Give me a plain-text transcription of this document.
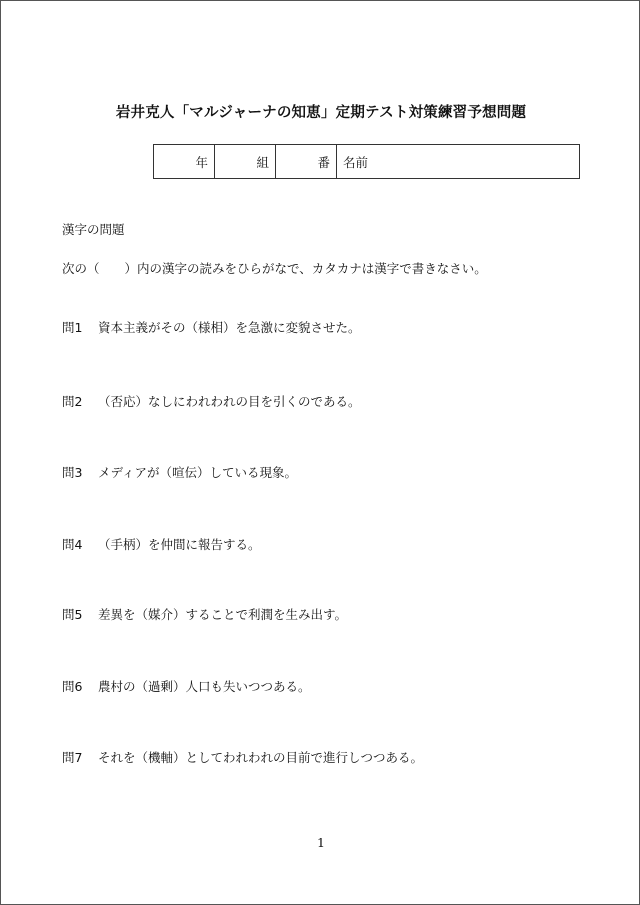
岩井克人「マルジャーナの知恵」定期テスト対策練習予想問題
年	組	番	名前
漢字の問題
次の（　　）内の漢字の読みをひらがなで、カタカナは漢字で書きなさい。
問1 資本主義がその（様相）を急激に変貌させた。
問2 （否応）なしにわれわれの目を引くのである。
問3 メディアが（喧伝）している現象。
問4 （手柄）を仲間に報告する。
問5 差異を（媒介）することで利潤を生み出す。
問6 農村の（過剰）人口も失いつつある。
問7 それを（機軸）としてわれわれの目前で進行しつつある。
1
